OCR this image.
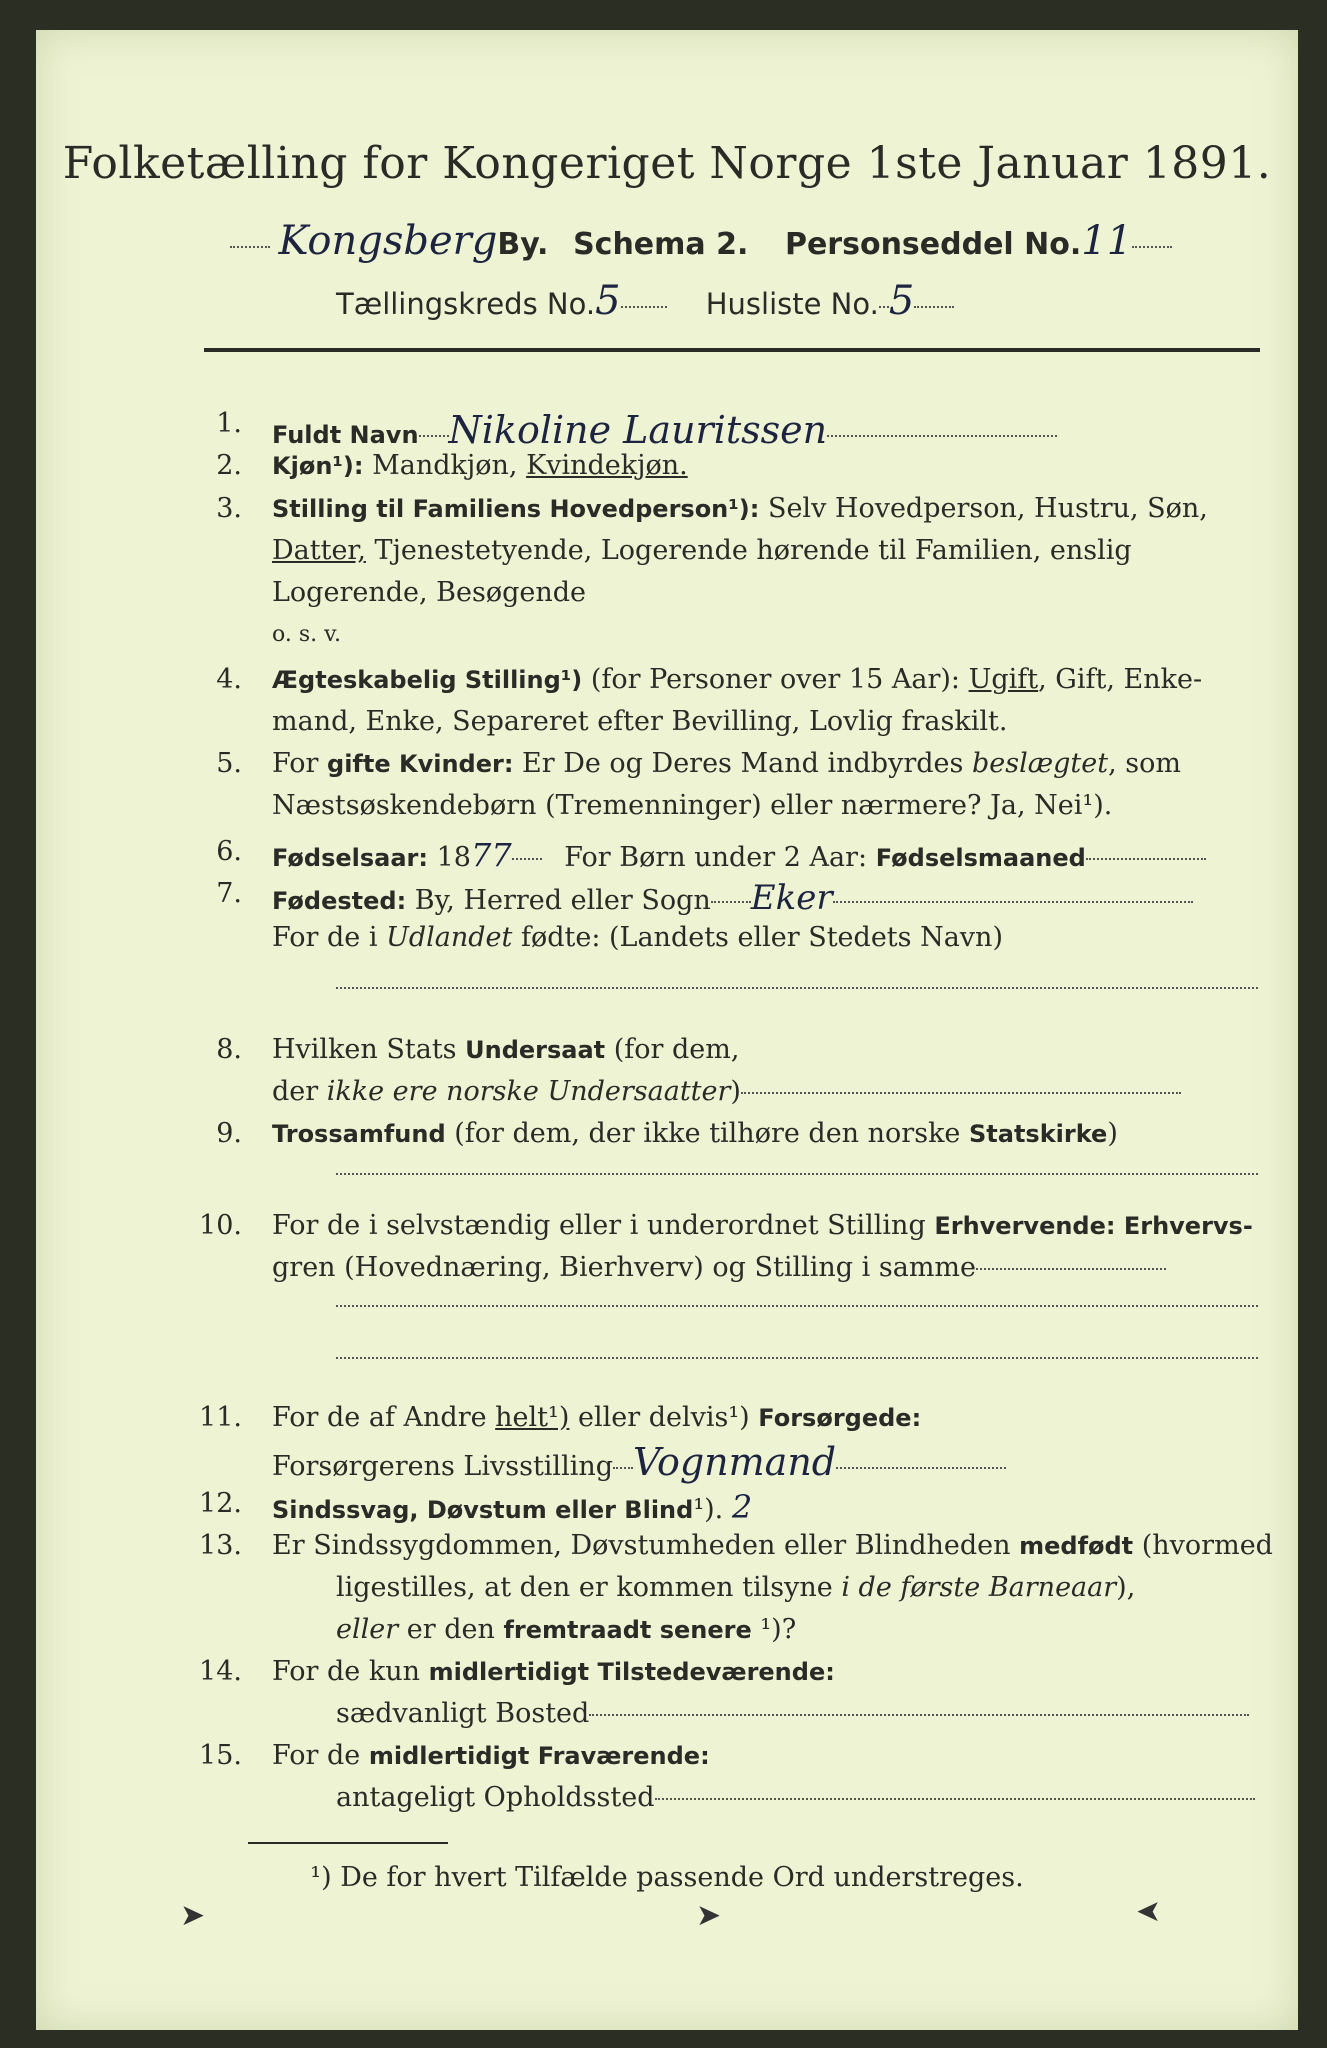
Folketælling for Kongeriget Norge 1ste Januar 1891.
KongsbergBy. Schema 2. Personseddel No.11
Tællingskreds No.5	Husliste No. 5
1. Fuldt Navn Nikoline Lauritssen
2. Kjøn¹): Mandkjøn, Kvindekjøn.
3. Stilling til Familiens Hovedperson¹): Selv Hovedperson, Hustru, Søn,
Datter, Tjenestetyende, Logerende hørende til Familien, enslig
Logerende, Besøgende
o. s. v.
4. Ægteskabelig Stilling¹) (for Personer over 15 Aar): Ugift, Gift, Enke-
mand, Enke, Separeret efter Bevilling, Lovlig fraskilt.
5. For gifte Kvinder: Er De og Deres Mand indbyrdes beslægtet, som
Næstsøskendebørn (Tremenninger) eller nærmere? Ja, Nei¹).
6. Fødselsaar: 1877 For Børn under 2 Aar: Fødselsmaaned
7. Fødested: By, Herred eller Sogn Eker
For de i Udlandet fødte: (Landets eller Stedets Navn)
8. Hvilken Stats Undersaat (for dem,
der ikke ere norske Undersaatter)
9. Trossamfund (for dem, der ikke tilhøre den norske Statskirke)
10. For de i selvstændig eller i underordnet Stilling Erhvervende: Erhvervs-
gren (Hovednæring, Bierhverv) og Stilling i samme
11. For de af Andre helt¹) eller delvis¹) Forsørgede:
Forsørgerens Livsstilling Vognmand
12. Sindssvag, Døvstum eller Blind¹). 2
13. Er Sindssygdommen, Døvstumheden eller Blindheden medfødt (hvormed
ligestilles, at den er kommen tilsyne i de første Barneaar),
eller er den fremtraadt senere ¹)?
14. For de kun midlertidigt Tilstedeværende:
sædvanligt Bosted
15. For de midlertidigt Fraværende:
antageligt Opholdssted
¹) De for hvert Tilfælde passende Ord understreges.
➤	➤	➤
